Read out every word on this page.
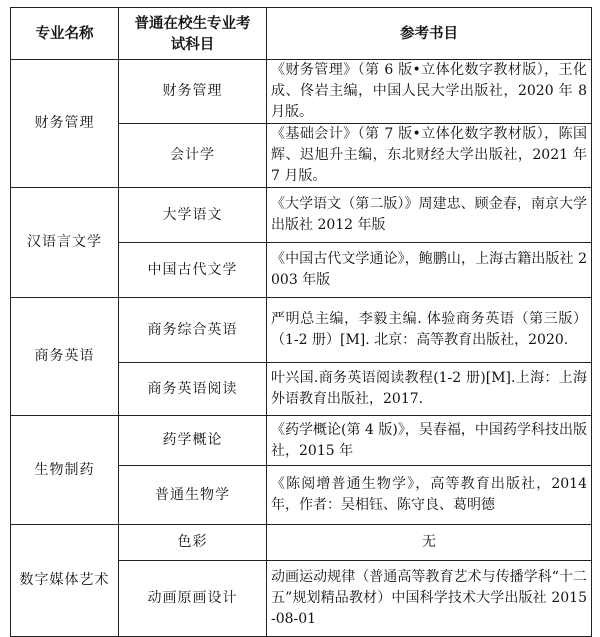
专业名称	普通在校生专业考试科目	参考书目
财务管理	财务管理	《财务管理》（第 6 版•立体化数字教材版），王化成、佟岩主编，中国人民大学出版社，2020 年 8 月版。
	会计学	《基础会计》（第 7 版•立体化数字教材版），陈国辉、迟旭升主编，东北财经大学出版社，2021 年 7 月版。
汉语言文学	大学语文	《大学语文（第二版）》周建忠、顾金春，南京大学出版社 2012 年版
	中国古代文学	《中国古代文学通论》，鲍鹏山，上海古籍出版社 2003 年版
商务英语	商务综合英语	严明总主编，李毅主编. 体验商务英语（第三版）（1-2 册）[M]. 北京：高等教育出版社，2020.
	商务英语阅读	叶兴国.商务英语阅读教程(1-2 册)[M].上海：上海外语教育出版社，2017.
生物制药	药学概论	《药学概论(第 4 版)》，吴春福，中国药学科技出版社，2015 年
	普通生物学	《陈阅增普通生物学》，高等教育出版社，2014 年，作者：吴相钰、陈守良、葛明德
数字媒体艺术	色彩	无
	动画原画设计	动画运动规律（普通高等教育艺术与传播学科“十二五”规划精品教材）中国科学技术大学出版社 2015-08-01
